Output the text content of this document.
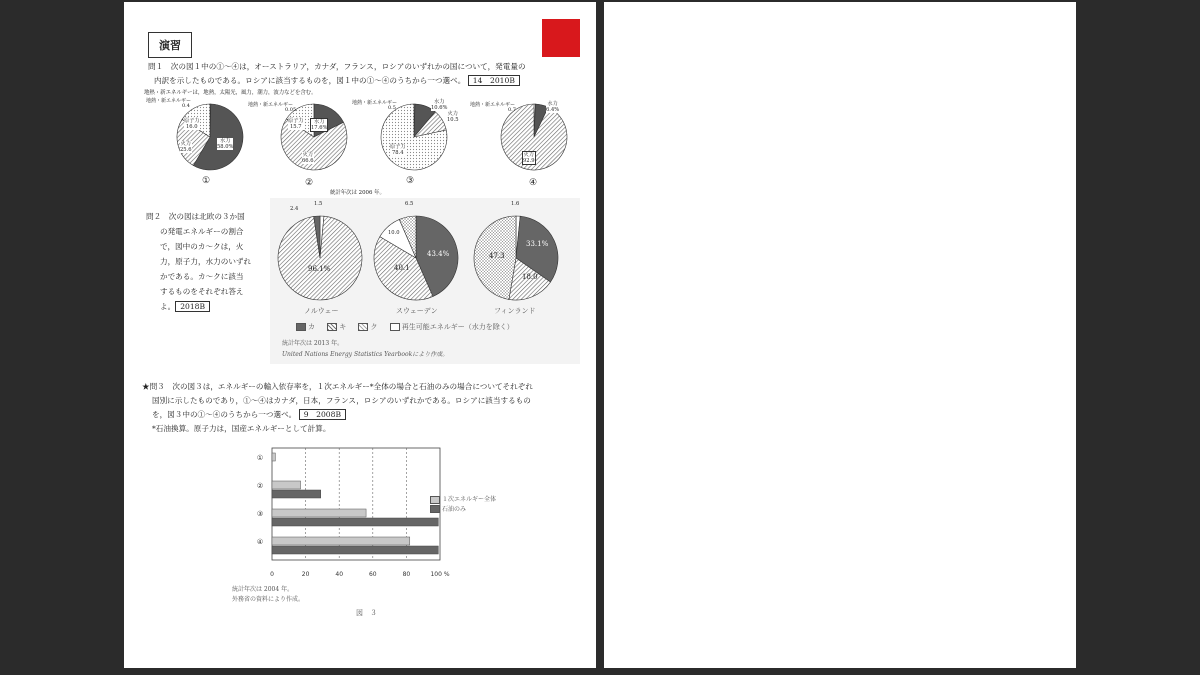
演習
問１　次の図１中の①～④は，オーストラリア，カナダ，フランス，ロシアのいずれかの国について，発電量の
内訳を示したものである。ロシアに該当するものを，図１中の①～④のうちから一つ選べ。 14　2010B
地熱・新エネルギーは，地熱，太陽光，風力，潮力，波力などを含む。
地熱・新エネルギー
0.4
原子力
16.0
水力
58.0%
火力
25.6
①
地熱・新エネルギー
0.05
原子力
15.7
水力
17.6%
火力
66.6
②
地熱・新エネルギー
0.5
水力
10.6%
火力
10.5
原子力
78.4
③
地熱・新エネルギー
0.7
水力
6.4%
火力
92.9
④
統計年次は 2006 年。
問２　次の図は北欧の３か国
の発電エネルギーの割合
で，図中のカ～クは，火
力，原子力，水力のいずれ
かである。カ～クに該当
するものをそれぞれ答え
よ。 2018B
2.4
1.5
96.1%
6.5
10.0
43.4%
40.1
1.6
33.1%
47.3
18.0
ノルウェー	スウェーデン	フィンランド
カ	キ	ク	再生可能エネルギー（水力を除く）
統計年次は 2013 年。
United Nations Energy Statistics Yearbookにより作成。
★問３　次の図３は，エネルギーの輸入依存率を，１次エネルギー*全体の場合と石油のみの場合についてそれぞれ
国別に示したものであり，①～④はカナダ，日本，フランス，ロシアのいずれかである。ロシアに該当するもの
を，図３中の①～④のうちから一つ選べ。 9　2008B
*石油換算。原子力は，国産エネルギーとして計算。
0	20	40	60	80	100 %
①
②
③
④
１次エネルギー全体
石油のみ
統計年次は 2004 年。
外務省の資料により作成。
図　３
